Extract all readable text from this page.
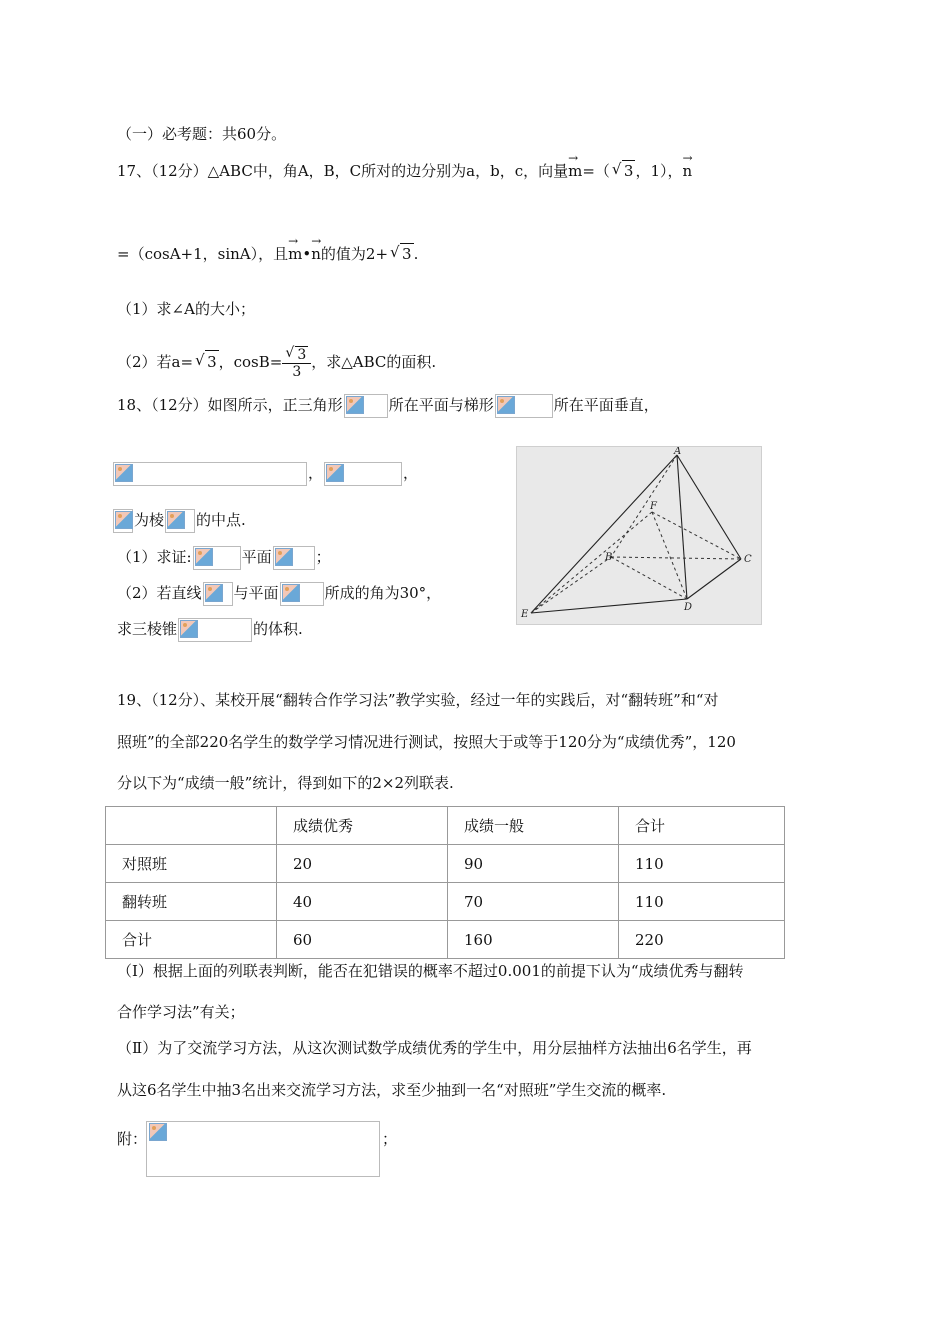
（一）必考题：共60分。
17、（12分）△ABC中，角A，B，C所对的边分别为a，b，c，向量→ m=（ √ 3 ，1），→ n
=（cosA+1，sinA），且→ m•→ n的值为2+ √ 3 .
（1）求∠A的大小；
（2）若a= √ 3 ，cosB= √ $\frac{3}{3}$ ，求△ABC的面积.
18、（12分）如图所示，正三角形	所在平面与梯形	所在平面垂直，
，	，
为棱 的中点.
（1）求证:	平面	；
（2）若直线 与平面	所成的角为30°，
求三棱锥	的体积.
A
F
B	C
D
E
19、（12分）、某校开展“翻转合作学习法”教学实验，经过一年的实践后，对“翻转班”和“对
照班”的全部220名学生的数学学习情况进行测试，按照大于或等于120分为“成绩优秀”，120
分以下为“成绩一般”统计，得到如下的2×2列联表.
	成绩优秀	成绩一般	合计
对照班	20	90	110
翻转班	40	70	110
合计	60	160	220
（Ⅰ）根据上面的列联表判断，能否在犯错误的概率不超过0.001的前提下认为“成绩优秀与翻转
合作学习法”有关；
（Ⅱ）为了交流学习方法，从这次测试数学成绩优秀的学生中，用分层抽样方法抽出6名学生，再
从这6名学生中抽3名出来交流学习方法，求至少抽到一名“对照班”学生交流的概率.
附：	；
